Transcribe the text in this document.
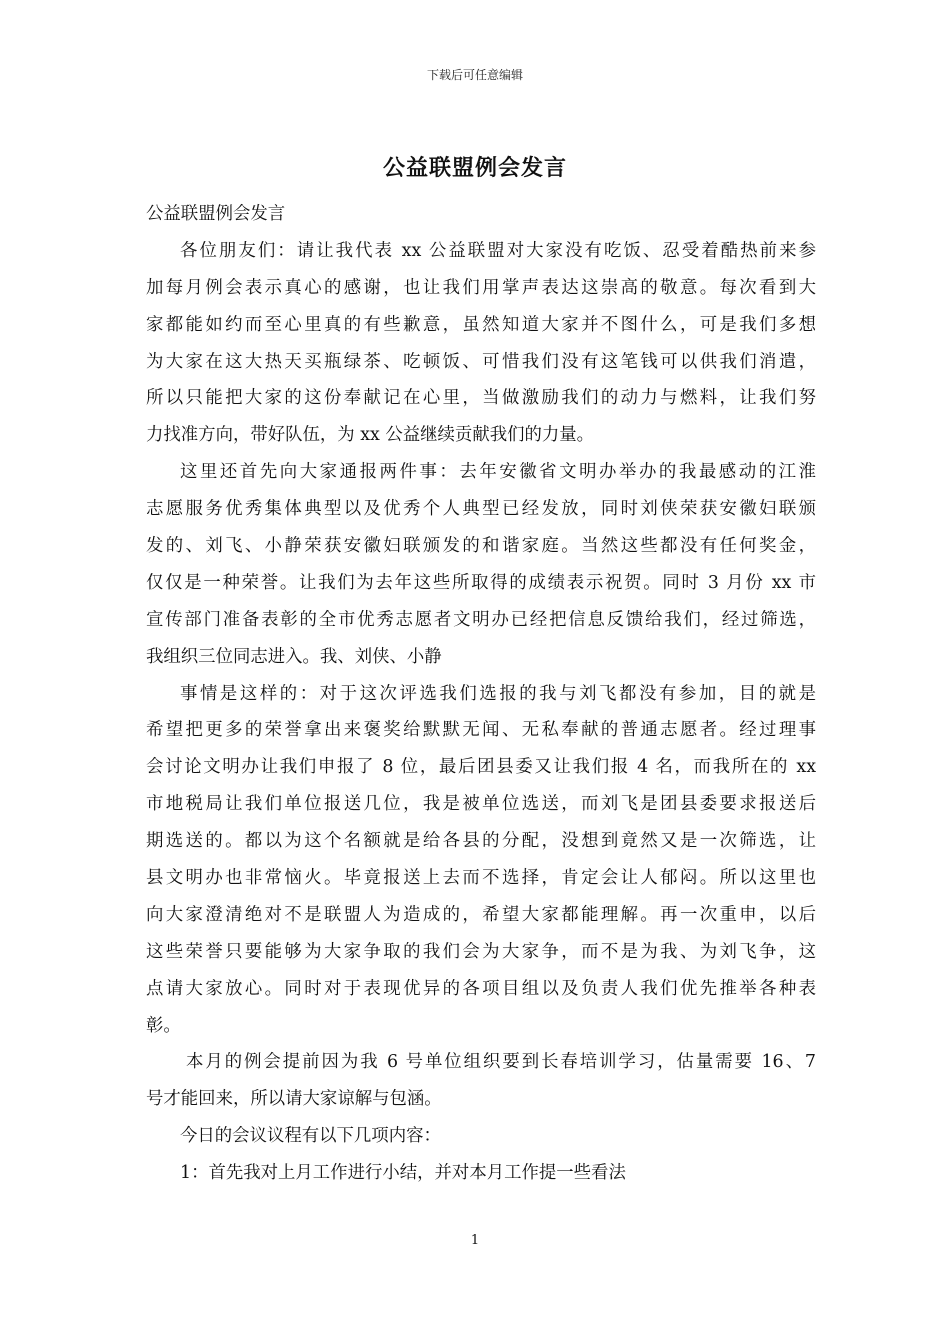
下载后可任意编辑
公益联盟例会发言
公益联盟例会发言
各位朋友们：请让我代表 xx 公益联盟对大家没有吃饭、忍受着酷热前来参
加每月例会表示真心的感谢，也让我们用掌声表达这崇高的敬意。每次看到大
家都能如约而至心里真的有些歉意，虽然知道大家并不图什么，可是我们多想
为大家在这大热天买瓶绿茶、吃顿饭、可惜我们没有这笔钱可以供我们消遣，
所以只能把大家的这份奉献记在心里，当做激励我们的动力与燃料，让我们努
力找准方向，带好队伍，为 xx 公益继续贡献我们的力量。
这里还首先向大家通报两件事：去年安徽省文明办举办的我最感动的江淮
志愿服务优秀集体典型以及优秀个人典型已经发放，同时刘侠荣获安徽妇联颁
发的、刘飞、小静荣获安徽妇联颁发的和谐家庭。当然这些都没有任何奖金，
仅仅是一种荣誉。让我们为去年这些所取得的成绩表示祝贺。同时 3 月份 xx 市
宣传部门准备表彰的全市优秀志愿者文明办已经把信息反馈给我们，经过筛选，
我组织三位同志进入。我、刘侠、小静
事情是这样的：对于这次评选我们选报的我与刘飞都没有参加，目的就是
希望把更多的荣誉拿出来褒奖给默默无闻、无私奉献的普通志愿者。经过理事
会讨论文明办让我们申报了 8 位，最后团县委又让我们报 4 名，而我所在的 xx
市地税局让我们单位报送几位，我是被单位选送，而刘飞是团县委要求报送后
期选送的。都以为这个名额就是给各县的分配，没想到竟然又是一次筛选，让
县文明办也非常恼火。毕竟报送上去而不选择，肯定会让人郁闷。所以这里也
向大家澄清绝对不是联盟人为造成的，希望大家都能理解。再一次重申，以后
这些荣誉只要能够为大家争取的我们会为大家争，而不是为我、为刘飞争，这
点请大家放心。同时对于表现优异的各项目组以及负责人我们优先推举各种表
彰。
本月的例会提前因为我 6 号单位组织要到长春培训学习，估量需要 16、7
号才能回来，所以请大家谅解与包涵。
今日的会议议程有以下几项内容：
1：首先我对上月工作进行小结，并对本月工作提一些看法
1
